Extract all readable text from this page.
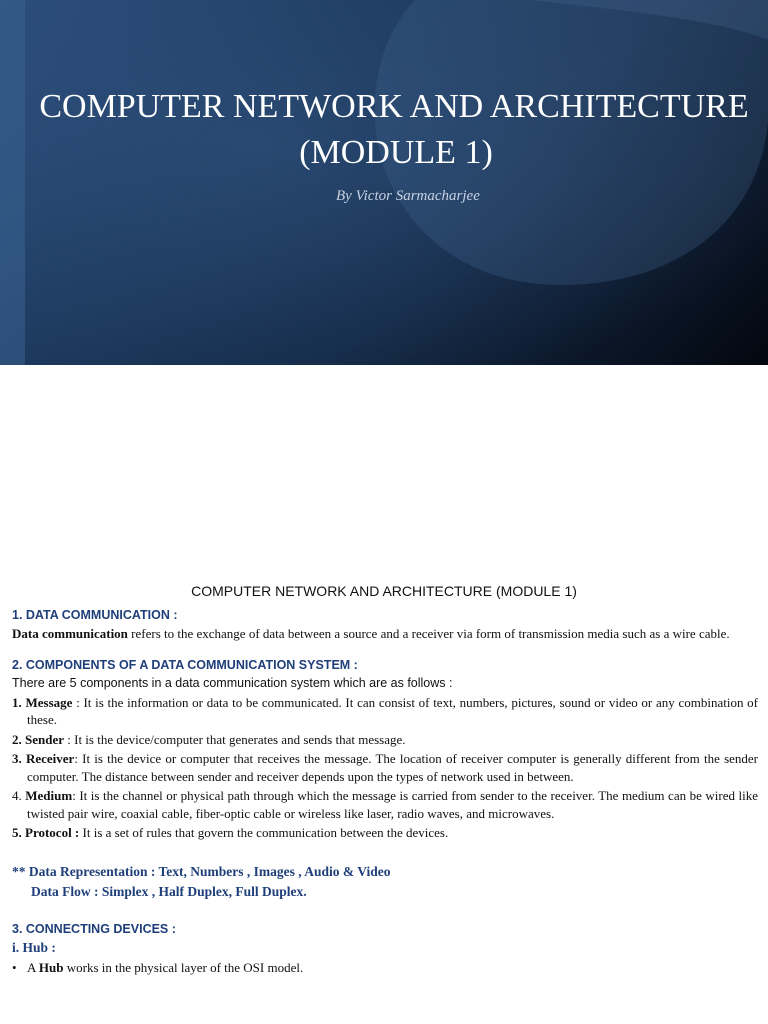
COMPUTER NETWORK AND ARCHITECTURE
(MODULE 1)
By Victor Sarmacharjee
COMPUTER NETWORK AND ARCHITECTURE (MODULE 1)
1. DATA COMMUNICATION :
Data communication refers to the exchange of data between a source and a receiver via form of transmission media such as a wire cable.
2. COMPONENTS OF A DATA COMMUNICATION SYSTEM :
There are 5 components in a data communication system which are as follows :
1. Message : It is the information or data to be communicated. It can consist of text, numbers, pictures, sound or video or any combination of these.
2. Sender : It is the device/computer that generates and sends that message.
3. Receiver: It is the device or computer that receives the message. The location of receiver computer is generally different from the sender computer. The distance between sender and receiver depends upon the types of network used in between.
4. Medium: It is the channel or physical path through which the message is carried from sender to the receiver. The medium can be wired like twisted pair wire, coaxial cable, fiber-optic cable or wireless like laser, radio waves, and microwaves.
5. Protocol : It is a set of rules that govern the communication between the devices.
** Data Representation : Text, Numbers , Images , Audio & Video
Data Flow : Simplex , Half Duplex, Full Duplex.
3. CONNECTING DEVICES :
i. Hub :
• A Hub works in the physical layer of the OSI model.
